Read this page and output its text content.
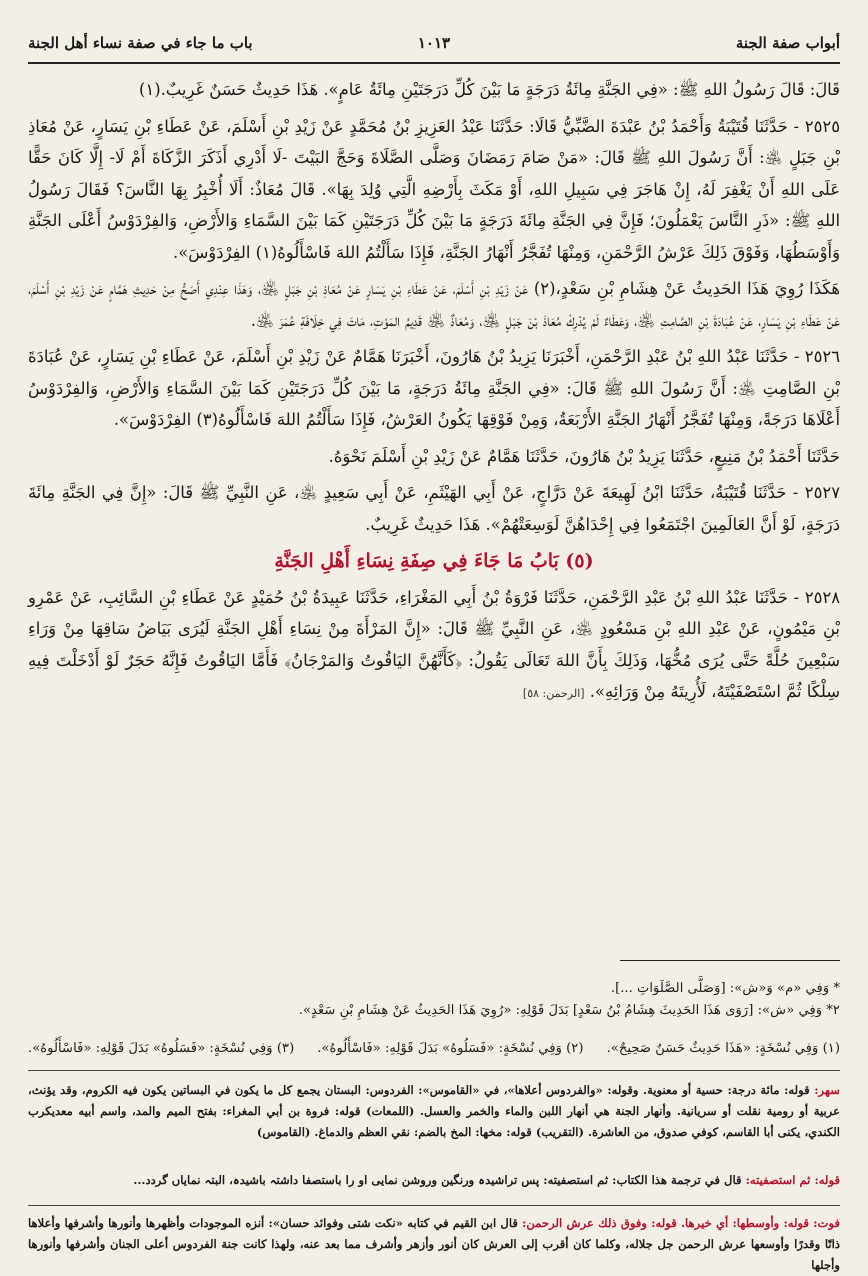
أبواب صفة الجنة
١٠١٣
باب ما جاء في صفة نساء أهل الجنة

قَالَ: قَالَ رَسُولُ اللهِ ﷺ: «فِي الجَنَّةِ مِائَةُ دَرَجَةٍ مَا بَيْنَ كُلِّ دَرَجَتَيْنِ مِائَةُ عَامٍ». هَذَا حَدِيثٌ حَسَنٌ غَرِيبٌ.(١)

٢٥٢٥ - حَدَّثَنَا قُتَيْبَةُ وَأَحْمَدُ بْنُ عَبْدَةَ الضَّبِّيُّ قَالَا: حَدَّثَنَا عَبْدُ العَزِيزِ بْنُ مُحَمَّدٍ عَنْ زَيْدِ بْنِ أَسْلَمَ، عَنْ عَطَاءِ بْنِ يَسَارٍ، عَنْ مُعَاذِ بْنِ جَبَلٍ ﵁: أَنَّ رَسُولَ اللهِ ﷺ قَالَ: «مَنْ صَامَ رَمَضَانَ وَصَلَّى الصَّلَاةَ وَحَجَّ البَيْتَ -لَا أَدْرِي أَذَكَرَ الزَّكَاةَ أَمْ لَا- إِلَّا كَانَ حَقًّا عَلَى اللهِ أَنْ يَغْفِرَ لَهُ، إِنْ هَاجَرَ فِي سَبِيلِ اللهِ، أَوْ مَكَثَ بِأَرْضِهِ الَّتِي وُلِدَ بِهَا». قَالَ مُعَاذٌ: أَلَا أُخْبِرُ بِهَا النَّاسَ؟ فَقَالَ رَسُولُ اللهِ ﷺ: «ذَرِ النَّاسَ يَعْمَلُونَ؛ فَإِنَّ فِي الجَنَّةِ مِائَةَ دَرَجَةٍ مَا بَيْنَ كُلِّ دَرَجَتَيْنِ كَمَا بَيْنَ السَّمَاءِ وَالأَرْضِ، وَالفِرْدَوْسُ أَعْلَى الجَنَّةِ وَأَوْسَطُهَا، وَفَوْقَ ذَلِكَ عَرْشُ الرَّحْمَنِ، وَمِنْهَا تُفَجَّرُ أَنْهَارُ الجَنَّةِ، فَإِذَا سَأَلْتُمُ اللهَ فَاسْأَلُوهُ(١) الفِرْدَوْسَ».

هَكَذَا رُوِيَ هَذَا الحَدِيثُ عَنْ هِشَامِ بْنِ سَعْدٍ،(٢) عَنْ زَيْدِ بْنِ أَسْلَمَ، عَنْ عَطَاءِ بْنِ يَسَارٍ عَنْ مُعَاذِ بْنِ جَبَلٍ ﵁، وَهَذَا عِنْدِي أَصَحُّ مِنْ حَدِيثِ هَمَّامٍ عَنْ زَيْدِ بْنِ أَسْلَمَ، عَنْ عَطَاءِ بْنِ يَسَارٍ، عَنْ عُبَادَةَ بْنِ الصَّامِتِ ﵁، وَعَطَاءٌ لَمْ يُدْرِكْ مُعَاذَ بْنَ جَبَلٍ ﵁، وَمُعَاذٌ ﵁ قَدِيمُ المَوْتِ، مَاتَ فِي خِلَافَةِ عُمَرَ ﵁.

٢٥٢٦ - حَدَّثَنَا عَبْدُ اللهِ بْنُ عَبْدِ الرَّحْمَنِ، أَخْبَرَنَا يَزِيدُ بْنُ هَارُونَ، أَخْبَرَنَا هَمَّامٌ عَنْ زَيْدِ بْنِ أَسْلَمَ، عَنْ عَطَاءِ بْنِ يَسَارٍ، عَنْ عُبَادَةَ بْنِ الصَّامِتِ ﵁: أَنَّ رَسُولَ اللهِ ﷺ قَالَ: «فِي الجَنَّةِ مِائَةُ دَرَجَةٍ، مَا بَيْنَ كُلِّ دَرَجَتَيْنِ كَمَا بَيْنَ السَّمَاءِ وَالأَرْضِ، وَالفِرْدَوْسُ أَعْلَاهَا دَرَجَةً، وَمِنْهَا تُفَجَّرُ أَنْهَارُ الجَنَّةِ الأَرْبَعَةُ، وَمِنْ فَوْقِهَا يَكُونُ العَرْشُ، فَإِذَا سَأَلْتُمُ اللهَ فَاسْأَلُوهُ(٣) الفِرْدَوْسَ».

حَدَّثَنَا أَحْمَدُ بْنُ مَنِيعٍ، حَدَّثَنَا يَزِيدُ بْنُ هَارُونَ، حَدَّثَنَا هَمَّامٌ عَنْ زَيْدِ بْنِ أَسْلَمَ نَحْوَهُ.

٢٥٢٧ - حَدَّثَنَا قُتَيْبَةُ، حَدَّثَنَا ابْنُ لَهِيعَةَ عَنْ دَرَّاجٍ، عَنْ أَبِي الهَيْثَمِ، عَنْ أَبِي سَعِيدٍ ﵁، عَنِ النَّبِيِّ ﷺ قَالَ: «إِنَّ فِي الجَنَّةِ مِائَةَ دَرَجَةٍ، لَوْ أَنَّ العَالَمِينَ اجْتَمَعُوا فِي إِحْدَاهُنَّ لَوَسِعَتْهُمْ». هَذَا حَدِيثٌ غَرِيبٌ.

(٥) بَابُ مَا جَاءَ فِي صِفَةِ نِسَاءِ أَهْلِ الجَنَّةِ

٢٥٢٨ - حَدَّثَنَا عَبْدُ اللهِ بْنُ عَبْدِ الرَّحْمَنِ، حَدَّثَنَا فَرْوَةُ بْنُ أَبِي المَغْرَاءِ، حَدَّثَنَا عَبِيدَةُ بْنُ حُمَيْدٍ عَنْ عَطَاءِ بْنِ السَّائِبِ، عَنْ عَمْرِو بْنِ مَيْمُونٍ، عَنْ عَبْدِ اللهِ بْنِ مَسْعُودٍ ﵁، عَنِ النَّبِيِّ ﷺ قَالَ: «إِنَّ المَرْأَةَ مِنْ نِسَاءِ أَهْلِ الجَنَّةِ لَيُرَى بَيَاضُ سَاقِهَا مِنْ وَرَاءِ سَبْعِينَ حُلَّةً حَتَّى يُرَى مُخُّهَا، وَذَلِكَ بِأَنَّ اللهَ تَعَالَى يَقُولُ: ﴿كَأَنَّهُنَّ اليَاقُوتُ وَالمَرْجَانُ﴾ فَأَمَّا اليَاقُوتُ فَإِنَّهُ حَجَرٌ لَوْ أَدْخَلْتَ فِيهِ سِلْكًا ثُمَّ اسْتَصْفَيْتَهُ، لَأُرِيتَهُ مِنْ وَرَائِهِ». [الرحمن: ٥٨]

* وَفِي «م» وَ«ش»: [وَصَلَّى الصَّلَوَاتِ ...].
٢* وَفِي «ش»: [رَوَى هَذَا الحَدِيثَ هِشَامُ بْنُ سَعْدٍ] بَدَلَ قَوْلِهِ: «رُوِيَ هَذَا الحَدِيثُ عَنْ هِشَامِ بْنِ سَعْدٍ».
(١) وَفِي نُسْخَةٍ: «هَذَا حَدِيثٌ حَسَنٌ صَحِيحٌ».
(٢) وَفِي نُسْخَةٍ: «فَسَلُوهُ» بَدَلَ قَوْلِهِ: «فَاسْأَلُوهُ».
(٣) وَفِي نُسْخَةٍ: «فَسَلُوهُ» بَدَلَ قَوْلِهِ: «فَاسْأَلُوهُ».
سهر: قوله: مائة درجة: حسية أو معنوية. وقوله: «والفردوس أعلاها»، في «القاموس»: الفردوس: البستان يجمع كل ما يكون في البساتين يكون فيه الكروم، وقد يؤنث، عربية أو رومية نقلت أو سريانية. وأنهار الجنة هي أنهار اللبن والماء والخمر والعسل. (اللمعات) قوله: فروة بن أبي المغراء: بفتح الميم والمد، واسم أبيه معديكرب الكندي، يكنى أبا القاسم، كوفي صدوق، من العاشرة. (التقريب) قوله: مخها: المخ بالضم: نقي العظم والدماغ. (القاموس)
قوله: ثم استصفيته: قال في ترجمة هذا الكتاب: ثم استصفيته: پس تراشیدہ ورنگین وروشن نمایی او را باستصفا داشتہ باشیدہ، البتہ نمایاں گردد...
فوت: قوله: وأوسطها: أي خيرها. قوله: وفوق ذلك عرش الرحمن: قال ابن القيم في كتابه «نكت شتى وفوائد حسان»: أنزه الموجودات وأظهرها وأنورها وأشرفها وأعلاها ذاتًا وقدرًا وأوسعها عرش الرحمن جل جلاله، وكلما كان أقرب إلى العرش كان أنور وأزهر وأشرف مما بعد عنه، ولهذا كانت جنة الفردوس أعلى الجنان وأشرفها وأنورها وأجلها
